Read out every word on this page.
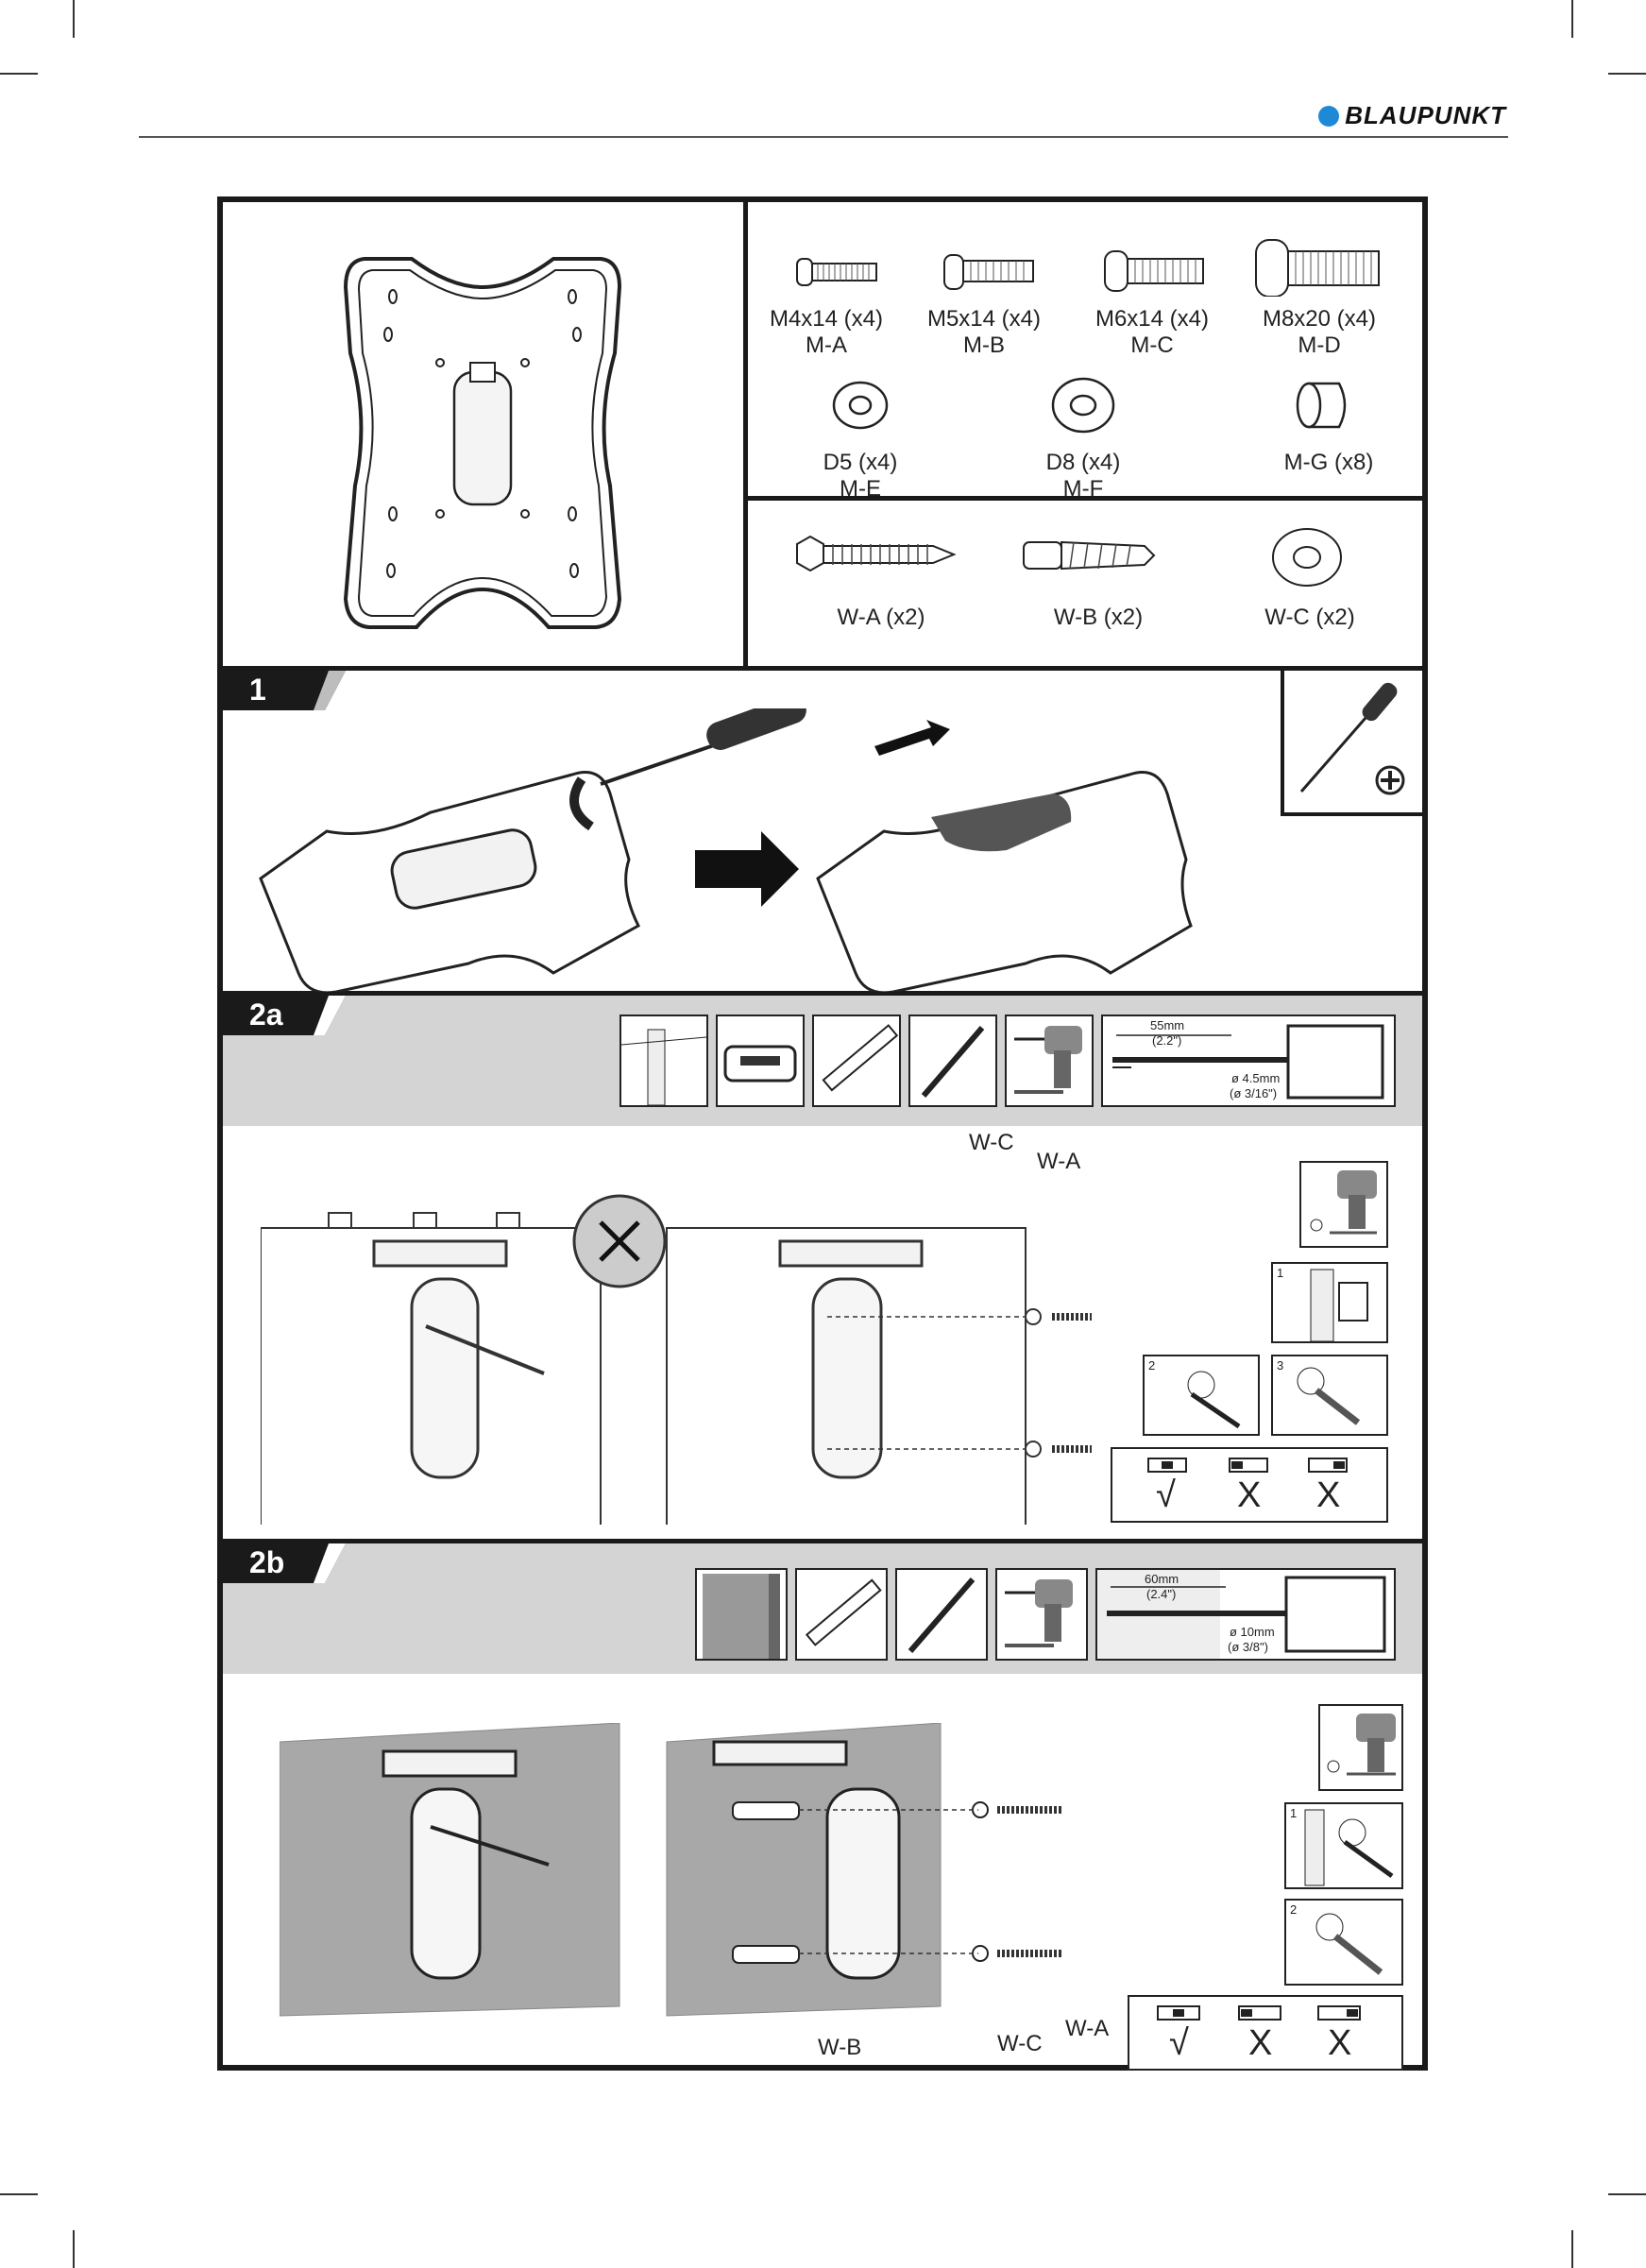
BLAUPUNKT
M4x14 (x4)
M-A
M5x14 (x4)
M-B
M6x14 (x4)
M-C
M8x20 (x4)
M-D
D5 (x4)
M-E
D8 (x4)
M-F
M-G (x8)
W-A (x2)	W-B (x2)	W-C (x2)
1
2a	55mm
(2.2")
ø 4.5mm
(ø 3/16")
W-C
W-A
1
2	3
√ X X
2b	60mm
(2.4")
ø 10mm
(ø 3/8")
W-B	W-C
W-A
1
2
√ X X
